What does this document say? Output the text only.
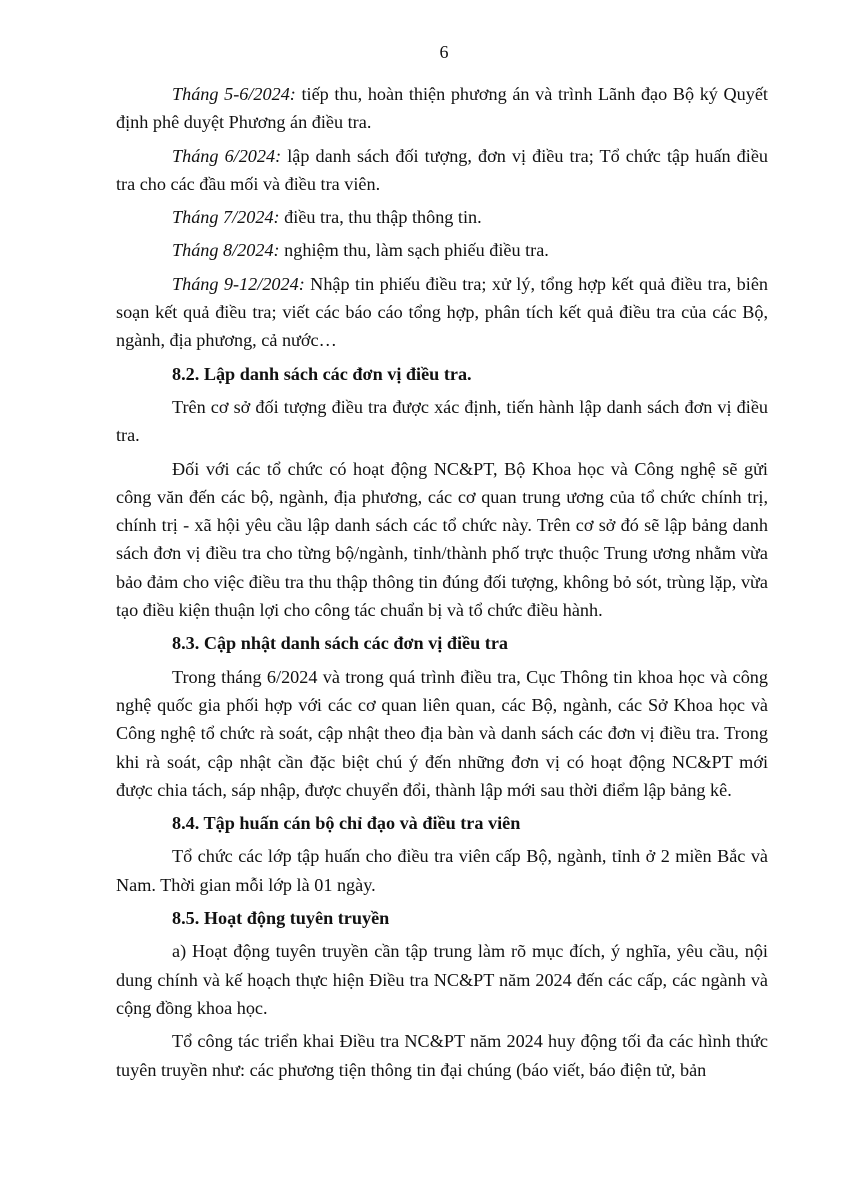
6

Tháng 5-6/2024: tiếp thu, hoàn thiện phương án và trình Lãnh đạo Bộ ký Quyết định phê duyệt Phương án điều tra.

Tháng 6/2024: lập danh sách đối tượng, đơn vị điều tra; Tổ chức tập huấn điều tra cho các đầu mối và điều tra viên.

Tháng 7/2024: điều tra, thu thập thông tin.

Tháng 8/2024: nghiệm thu, làm sạch phiếu điều tra.

Tháng 9-12/2024: Nhập tin phiếu điều tra; xử lý, tổng hợp kết quả điều tra, biên soạn kết quả điều tra; viết các báo cáo tổng hợp, phân tích kết quả điều tra của các Bộ, ngành, địa phương, cả nước…

8.2. Lập danh sách các đơn vị điều tra.

Trên cơ sở đối tượng điều tra được xác định, tiến hành lập danh sách đơn vị điều tra.

Đối với các tổ chức có hoạt động NC&PT, Bộ Khoa học và Công nghệ sẽ gửi công văn đến các bộ, ngành, địa phương, các cơ quan trung ương của tổ chức chính trị, chính trị - xã hội yêu cầu lập danh sách các tổ chức này. Trên cơ sở đó sẽ lập bảng danh sách đơn vị điều tra cho từng bộ/ngành, tỉnh/thành phố trực thuộc Trung ương nhằm vừa bảo đảm cho việc điều tra thu thập thông tin đúng đối tượng, không bỏ sót, trùng lặp, vừa tạo điều kiện thuận lợi cho công tác chuẩn bị và tổ chức điều hành.

8.3. Cập nhật danh sách các đơn vị điều tra

Trong tháng 6/2024 và trong quá trình điều tra, Cục Thông tin khoa học và công nghệ quốc gia phối hợp với các cơ quan liên quan, các Bộ, ngành, các Sở Khoa học và Công nghệ tổ chức rà soát, cập nhật theo địa bàn và danh sách các đơn vị điều tra. Trong khi rà soát, cập nhật cần đặc biệt chú ý đến những đơn vị có hoạt động NC&PT mới được chia tách, sáp nhập, được chuyển đổi, thành lập mới sau thời điểm lập bảng kê.

8.4. Tập huấn cán bộ chỉ đạo và điều tra viên

Tổ chức các lớp tập huấn cho điều tra viên cấp Bộ, ngành, tỉnh ở 2 miền Bắc và Nam. Thời gian mỗi lớp là 01 ngày.

8.5. Hoạt động tuyên truyền

a) Hoạt động tuyên truyền cần tập trung làm rõ mục đích, ý nghĩa, yêu cầu, nội dung chính và kế hoạch thực hiện Điều tra NC&PT năm 2024 đến các cấp, các ngành và cộng đồng khoa học.

Tổ công tác triển khai Điều tra NC&PT năm 2024 huy động tối đa các hình thức tuyên truyền như: các phương tiện thông tin đại chúng (báo viết, báo điện tử, bản
